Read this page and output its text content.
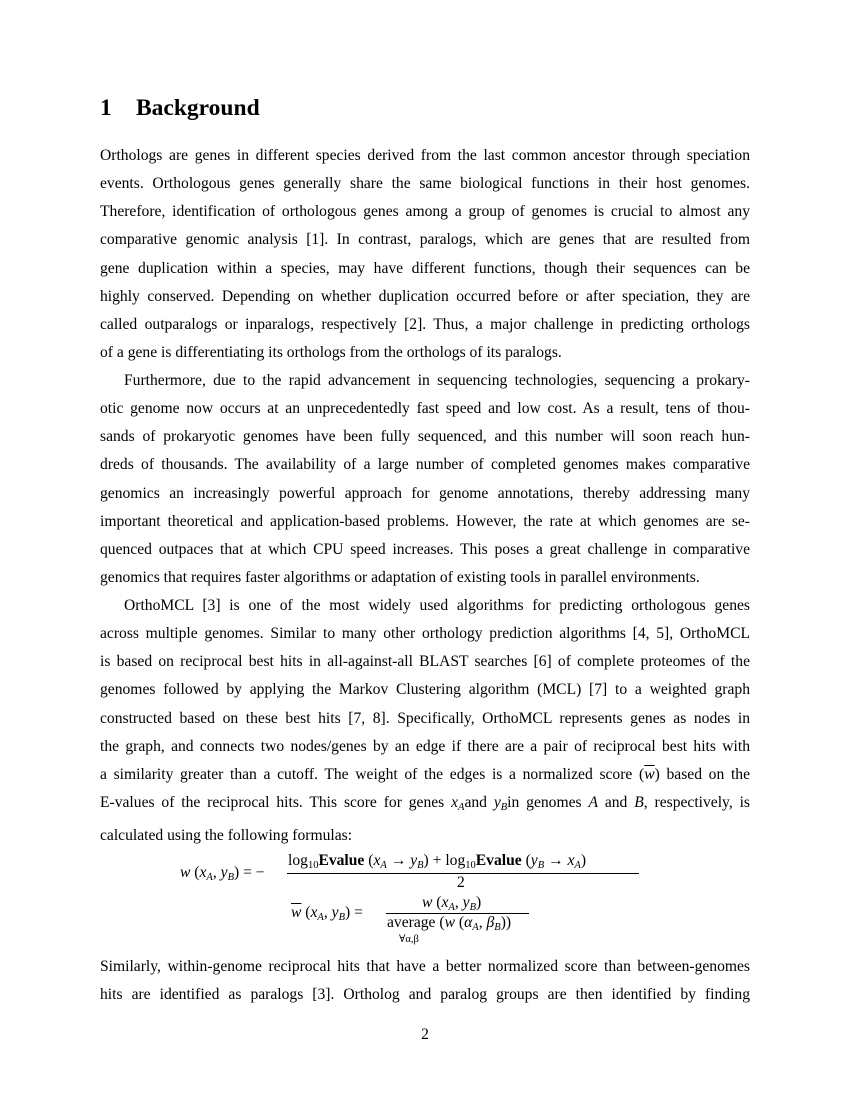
1 Background

Orthologs are genes in different species derived from the last common ancestor through speciation

events. Orthologous genes generally share the same biological functions in their host genomes.

Therefore, identification of orthologous genes among a group of genomes is crucial to almost any

comparative genomic analysis [1]. In contrast, paralogs, which are genes that are resulted from

gene duplication within a species, may have different functions, though their sequences can be

highly conserved. Depending on whether duplication occurred before or after speciation, they are

called outparalogs or inparalogs, respectively [2]. Thus, a major challenge in predicting orthologs

of a gene is differentiating its orthologs from the orthologs of its paralogs.

Furthermore, due to the rapid advancement in sequencing technologies, sequencing a prokary-

otic genome now occurs at an unprecedentedly fast speed and low cost. As a result, tens of thou-

sands of prokaryotic genomes have been fully sequenced, and this number will soon reach hun-

dreds of thousands. The availability of a large number of completed genomes makes comparative

genomics an increasingly powerful approach for genome annotations, thereby addressing many

important theoretical and application-based problems. However, the rate at which genomes are se-

quenced outpaces that at which CPU speed increases. This poses a great challenge in comparative

genomics that requires faster algorithms or adaptation of existing tools in parallel environments.

OrthoMCL [3] is one of the most widely used algorithms for predicting orthologous genes

across multiple genomes. Similar to many other orthology prediction algorithms [4, 5], OrthoMCL

is based on reciprocal best hits in all-against-all BLAST searches [6] of complete proteomes of the

genomes followed by applying the Markov Clustering algorithm (MCL) [7] to a weighted graph

constructed based on these best hits [7, 8]. Specifically, OrthoMCL represents genes as nodes in

the graph, and connects two nodes/genes by an edge if there are a pair of reciprocal best hits with

a similarity greater than a cutoff. The weight of the edges is a normalized score $(\overline{w})$ based on the

E-values of the reciprocal hits. This score for genes $x_Aand$ $y_Bin$ genomes A and B, respectively, is

calculated using the following formulas:

w ($x_A$, $y_B$) = −
$\log_{10}Evalue$ $(x_A \to y_B)$ + $\log_{10}Evalue$ $(y_B \to x_A)$
2
$\overline{w}$ ($x_A$, $y_B$) =
w ($x_A$, $y_B$)
average (w ($\alpha_A$, $\beta_B$))
∀α,β

Similarly, within-genome reciprocal hits that have a better normalized score than between-genomes

hits are identified as paralogs [3]. Ortholog and paralog groups are then identified by finding

2
